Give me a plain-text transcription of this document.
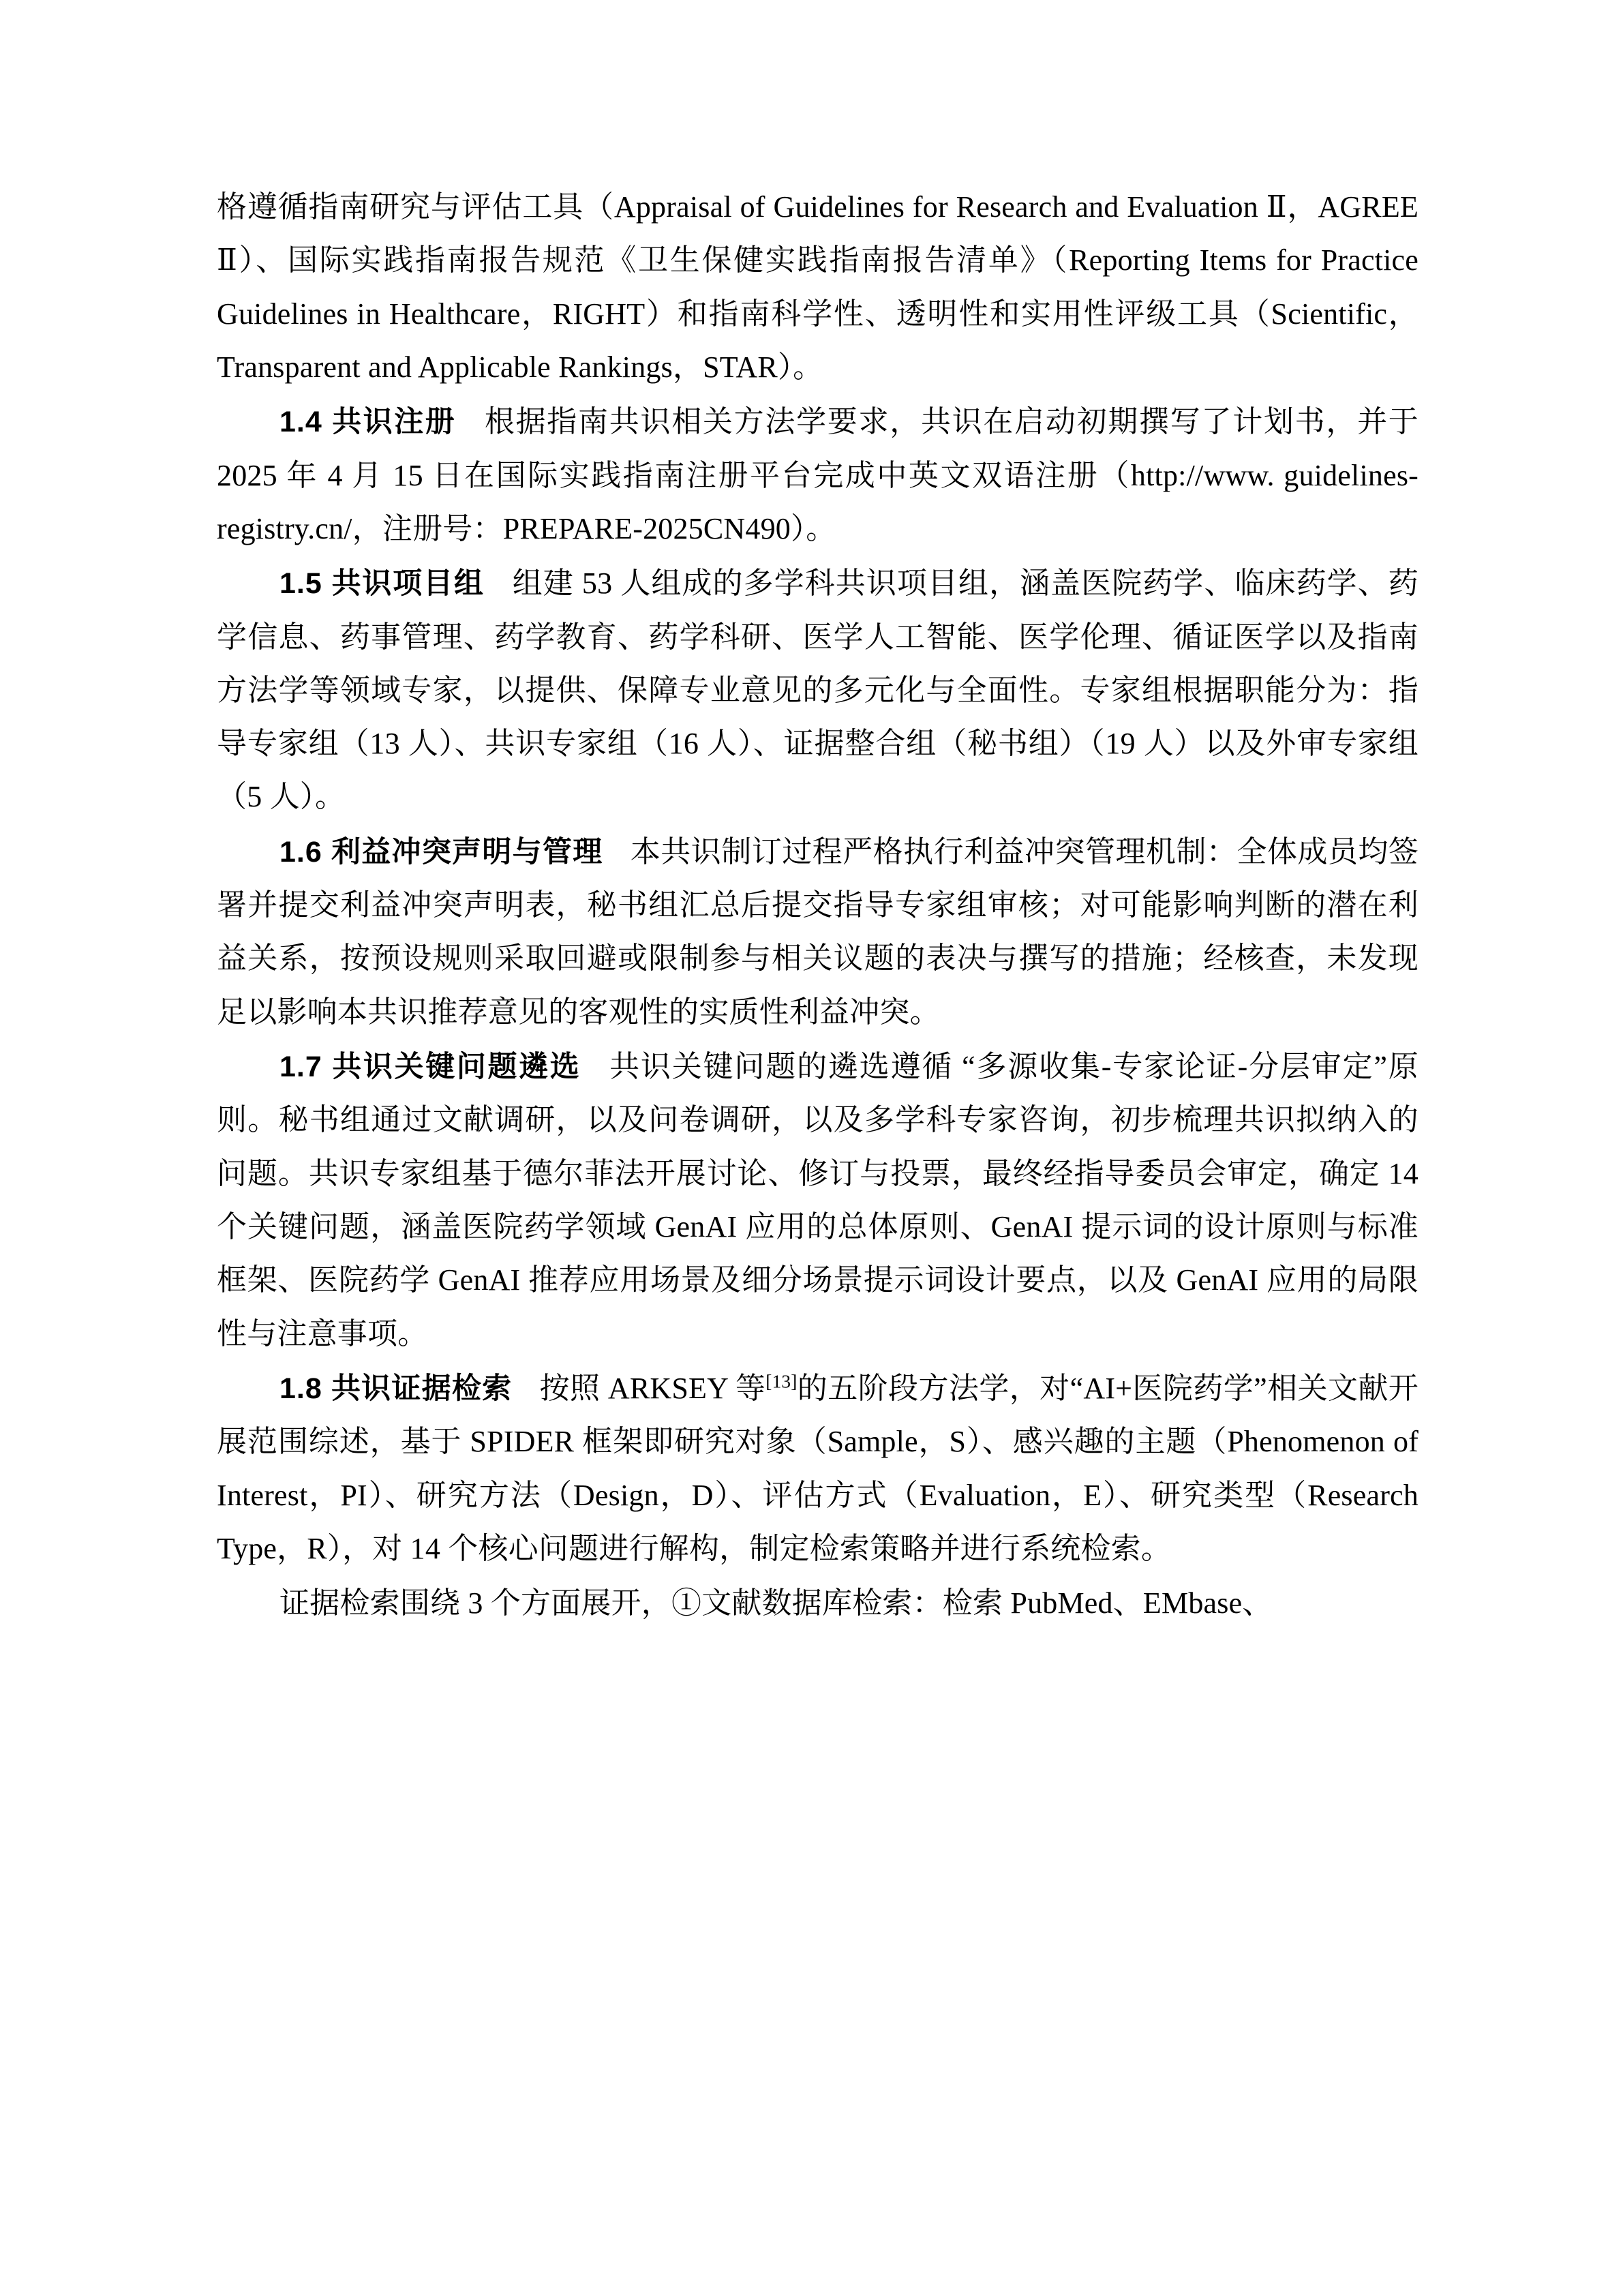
格遵循指南研究与评估工具（Appraisal of Guidelines for Research and Evaluation Ⅱ，AGREE Ⅱ）、国际实践指南报告规范《卫生保健实践指南报告清单》（Reporting Items for Practice Guidelines in Healthcare，RIGHT）和指南科学性、透明性和实用性评级工具（Scientific，Transparent and Applicable Rankings，STAR）。

1.4 共识注册 根据指南共识相关方法学要求，共识在启动初期撰写了计划书，并于 2025 年 4 月 15 日在国际实践指南注册平台完成中英文双语注册（http://www. guidelines-registry.cn/，注册号：PREPARE-2025CN490）。

1.5 共识项目组 组建 53 人组成的多学科共识项目组，涵盖医院药学、临床药学、药学信息、药事管理、药学教育、药学科研、医学人工智能、医学伦理、循证医学以及指南方法学等领域专家，以提供、保障专业意见的多元化与全面性。专家组根据职能分为：指导专家组（13 人）、共识专家组（16 人）、证据整合组（秘书组）（19 人）以及外审专家组（5 人）。

1.6 利益冲突声明与管理 本共识制订过程严格执行利益冲突管理机制：全体成员均签署并提交利益冲突声明表，秘书组汇总后提交指导专家组审核；对可能影响判断的潜在利益关系，按预设规则采取回避或限制参与相关议题的表决与撰写的措施；经核查，未发现足以影响本共识推荐意见的客观性的实质性利益冲突。

1.7 共识关键问题遴选 共识关键问题的遴选遵循 “多源收集-专家论证-分层审定”原则。秘书组通过文献调研，以及问卷调研，以及多学科专家咨询，初步梳理共识拟纳入的问题。共识专家组基于德尔菲法开展讨论、修订与投票，最终经指导委员会审定，确定 14 个关键问题，涵盖医院药学领域 GenAI 应用的总体原则、GenAI 提示词的设计原则与标准框架、医院药学 GenAI 推荐应用场景及细分场景提示词设计要点，以及 GenAI 应用的局限性与注意事项。

1.8 共识证据检索 按照 ARKSEY 等[13]的五阶段方法学，对“AI+医院药学”相关文献开展范围综述，基于 SPIDER 框架即研究对象（Sample，S）、感兴趣的主题（Phenomenon of Interest，PI）、研究方法（Design，D）、评估方式（Evaluation，E）、研究类型（Research Type，R），对 14 个核心问题进行解构，制定检索策略并进行系统检索。

证据检索围绕 3 个方面展开，①文献数据库检索：检索 PubMed、EMbase、
